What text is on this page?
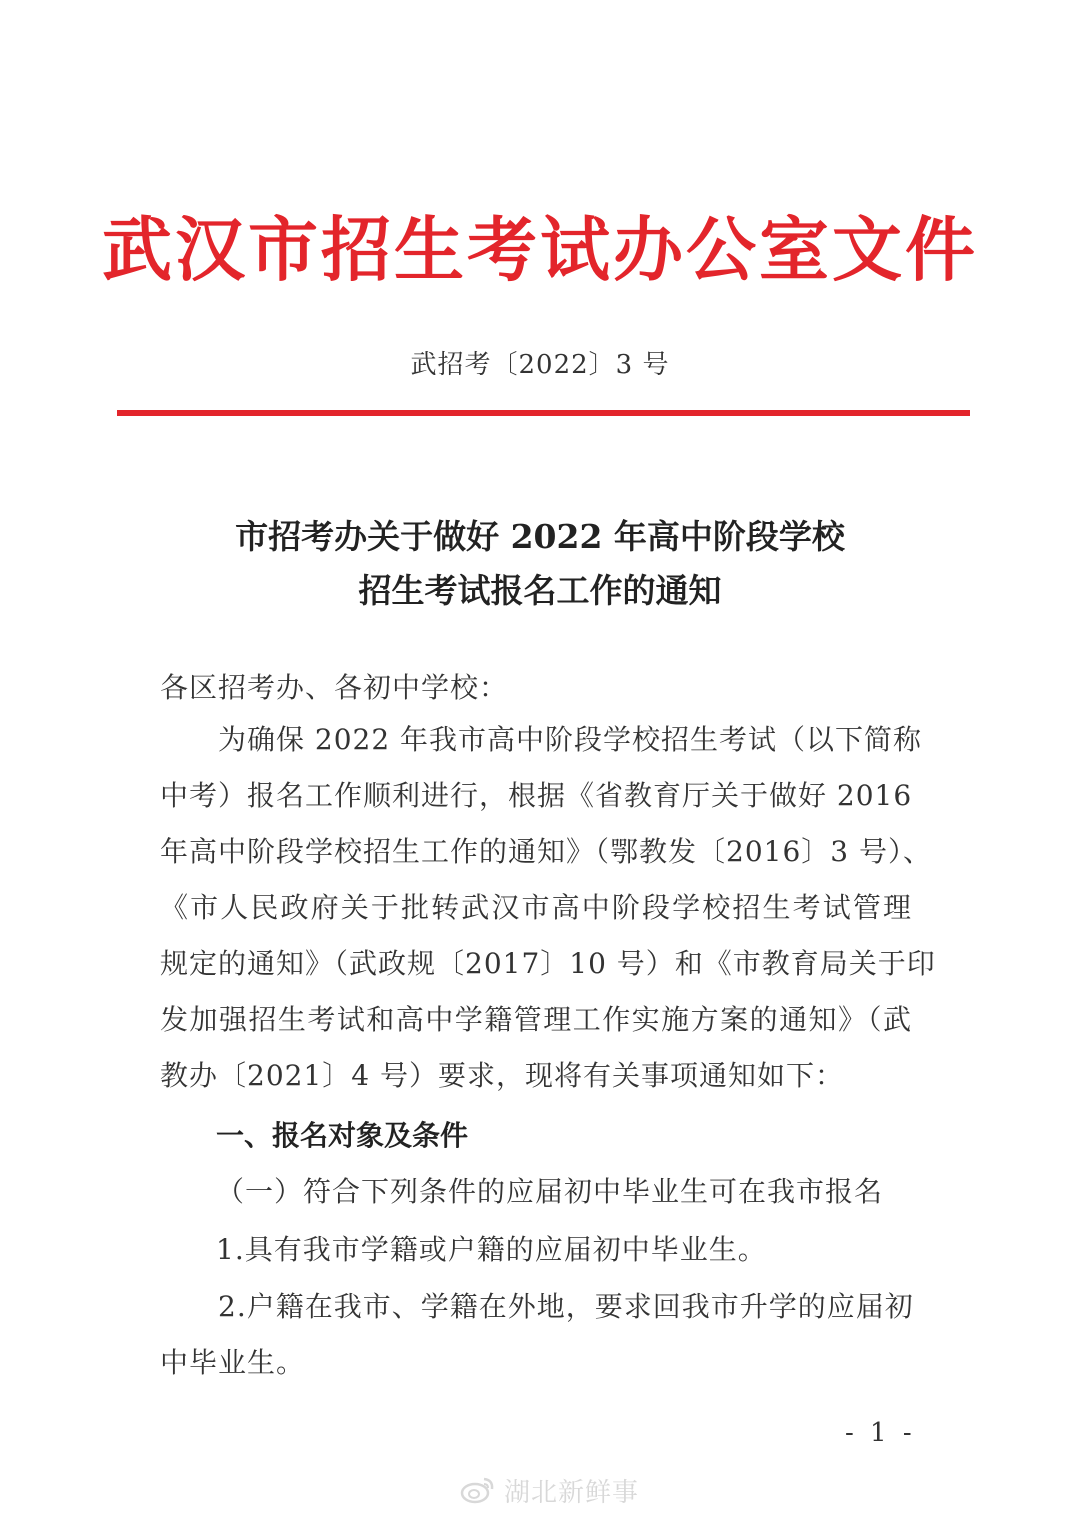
武汉市招生考试办公室文件
武招考〔2022〕3 号
市招考办关于做好 2022 年高中阶段学校
招生考试报名工作的通知
各区招考办、各初中学校：
　　为确保 2022 年我市高中阶段学校招生考试（以下简称
中考）报名工作顺利进行，根据《省教育厅关于做好 2016
年高中阶段学校招生工作的通知》（鄂教发〔2016〕3 号）、
《市人民政府关于批转武汉市高中阶段学校招生考试管理
规定的通知》（武政规〔2017〕10 号）和《市教育局关于印
发加强招生考试和高中学籍管理工作实施方案的通知》（武
教办〔2021〕4 号）要求，现将有关事项通知如下：
一、报名对象及条件
（一）符合下列条件的应届初中毕业生可在我市报名
1.具有我市学籍或户籍的应届初中毕业生。
　　2.户籍在我市、学籍在外地，要求回我市升学的应届初
中毕业生。
- 1 -
湖北新鲜事
